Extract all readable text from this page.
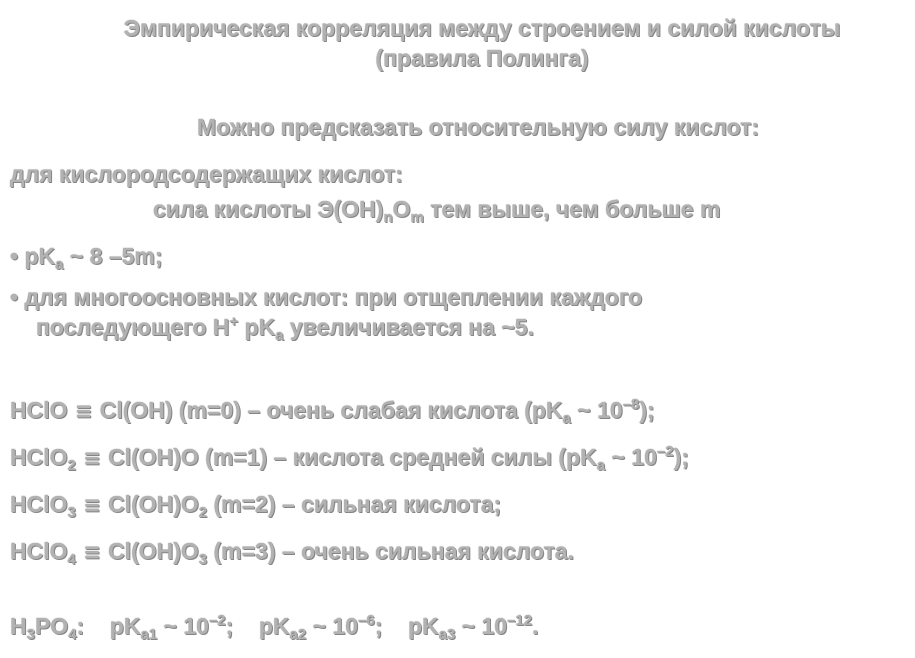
Эмпирическая корреляция между строением и силой кислоты
(правила Полинга)
Можно предсказать относительную силу кислот:
для кислородсодержащих кислот:
сила кислоты $Э(OH)_nO_m$ тем выше, чем больше m
• $pK_a$ ~ 8 –5m;
• для многоосновных кислот: при отщеплении каждого
последующего H+ $pK_a$ увеличивается на ~5.
HClO ≡ Cl(OH) (m=0) – очень слабая кислота ($pK_a$ ~ $10^{-8}$);
HClO$_2$ ≡ Cl(OH)O (m=1) – кислота средней силы ($pK_a$ ~ $10^{-2}$);
HClO$_3$ ≡ $Cl(OH)O_2$ (m=2) – сильная кислота;
HClO$_4$ ≡ $Cl(OH)O_3$ (m=3) – очень сильная кислота.
$H_3PO_4$:    $pK_{a1}$ ~ $10^{-2}$;    $pK_{a2}$ ~ $10^{-6}$;    $pK_{a3}$ ~ $10^{-12}$.
